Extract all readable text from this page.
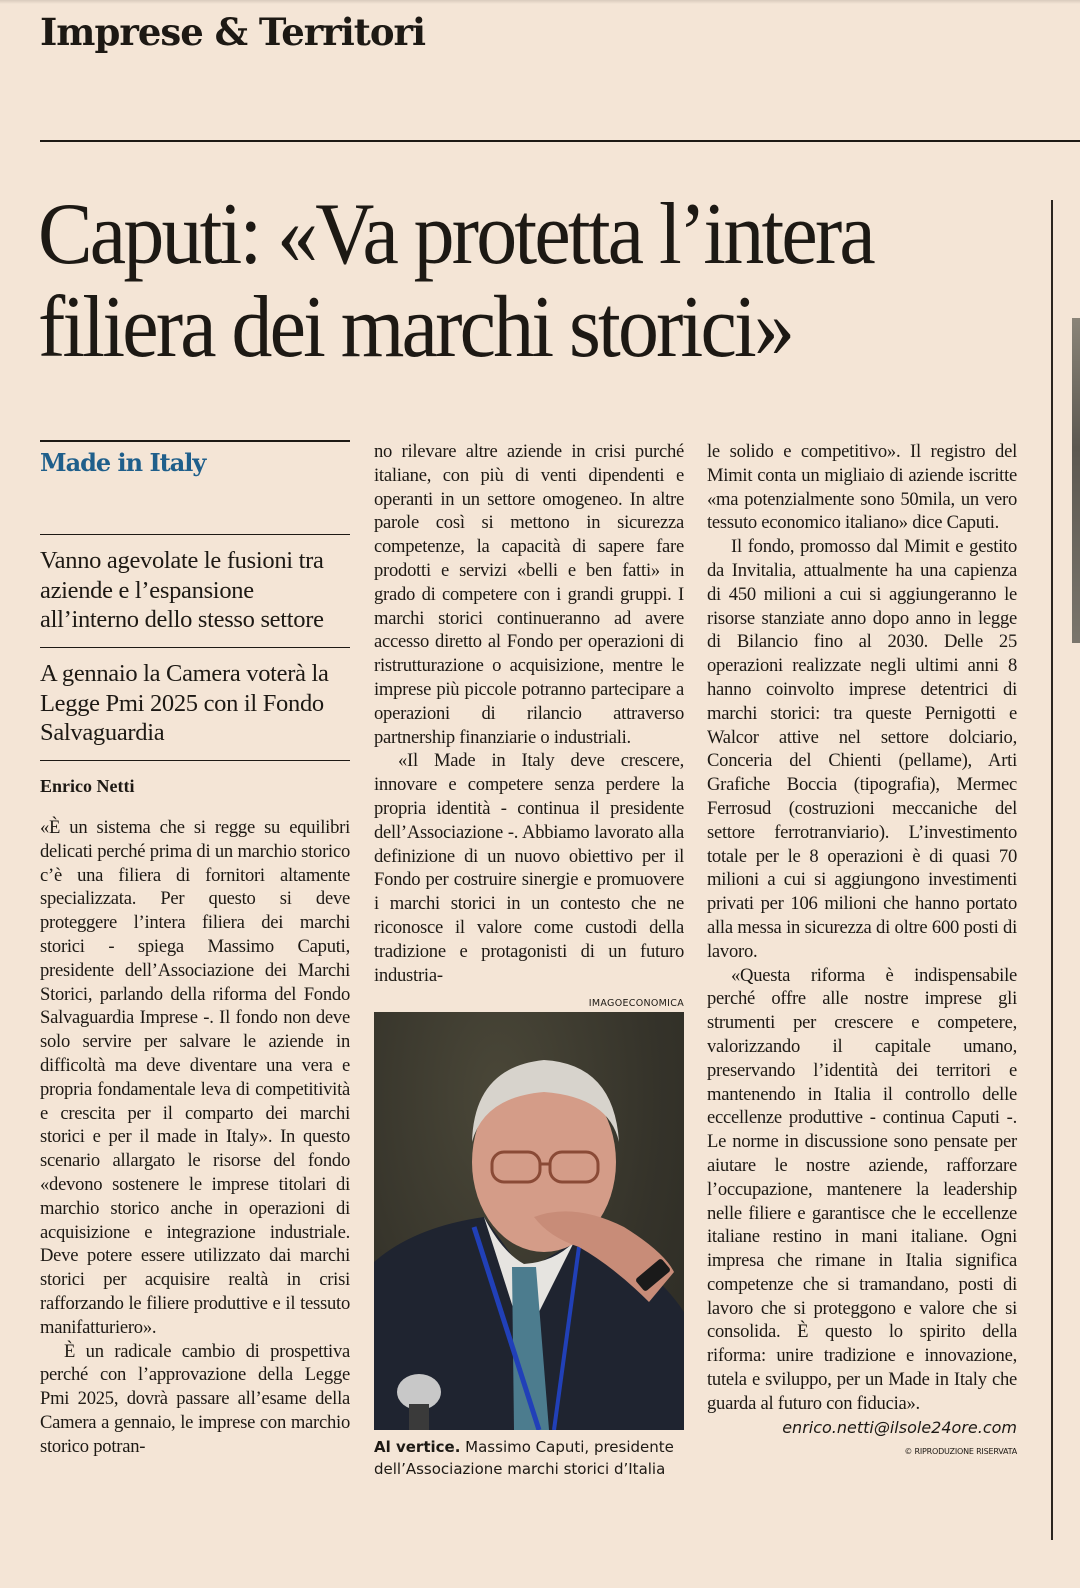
Imprese & Territori
Caputi: «Va protetta l’intera filiera dei marchi storici»
Made in Italy
Vanno agevolate le fusioni tra aziende e l’espansione all’interno dello stesso settore
A gennaio la Camera voterà la Legge Pmi 2025 con il Fondo Salvaguardia
Enrico Netti

«È un sistema che si regge su equilibri delicati perché prima di un marchio storico c’è una filiera di fornitori altamente specializzata. Per questo si deve proteggere l’intera filiera dei marchi storici - spiega Massimo Caputi, presidente dell’Associazione dei Marchi Storici, parlando della riforma del Fondo Salvaguardia Imprese -. Il fondo non deve solo servire per salvare le aziende in difficoltà ma deve diventare una vera e propria fondamentale leva di competitività e crescita per il comparto dei marchi storici e per il made in Italy». In questo scenario allargato le risorse del fondo «devono sostenere le imprese titolari di marchio storico anche in operazioni di acquisizione e integrazione industriale. Deve potere essere utilizzato dai marchi storici per acquisire realtà in crisi rafforzando le filiere produttive e il tessuto manifatturiero».

È un radicale cambio di prospettiva perché con l’approvazione della Legge Pmi 2025, dovrà passare all’esame della Camera a gennaio, le imprese con marchio storico potran-

no rilevare altre aziende in crisi purché italiane, con più di venti dipendenti e operanti in un settore omogeneo. In altre parole così si mettono in sicurezza competenze, la capacità di sapere fare prodotti e servizi «belli e ben fatti» in grado di competere con i grandi gruppi. I marchi storici continueranno ad avere accesso diretto al Fondo per operazioni di ristrutturazione o acquisizione, mentre le imprese più piccole potranno partecipare a operazioni di rilancio attraverso partnership finanziarie o industriali.

«Il Made in Italy deve crescere, innovare e competere senza perdere la propria identità - continua il presidente dell’Associazione -. Abbiamo lavorato alla definizione di un nuovo obiettivo per il Fondo per costruire sinergie e promuovere i marchi storici in un contesto che ne riconosce il valore come custodi della tradizione e protagonisti di un futuro industria-

IMAGOECONOMICA
Al vertice. Massimo Caputi, presidente dell’Associazione marchi storici d’Italia

le solido e competitivo». Il registro del Mimit conta un migliaio di aziende iscritte «ma potenzialmente sono 50mila, un vero tessuto economico italiano» dice Caputi.

Il fondo, promosso dal Mimit e gestito da Invitalia, attualmente ha una capienza di 450 milioni a cui si aggiungeranno le risorse stanziate anno dopo anno in legge di Bilancio fino al 2030. Delle 25 operazioni realizzate negli ultimi anni 8 hanno coinvolto imprese detentrici di marchi storici: tra queste Pernigotti e Walcor attive nel settore dolciario, Conceria del Chienti (pellame), Arti Grafiche Boccia (tipografia), Mermec Ferrosud (costruzioni meccaniche del settore ferrotranviario). L’investimento totale per le 8 operazioni è di quasi 70 milioni a cui si aggiungono investimenti privati per 106 milioni che hanno portato alla messa in sicurezza di oltre 600 posti di lavoro.

«Questa riforma è indispensabile perché offre alle nostre imprese gli strumenti per crescere e competere, valorizzando il capitale umano, preservando l’identità dei territori e mantenendo in Italia il controllo delle eccellenze produttive - continua Caputi -. Le norme in discussione sono pensate per aiutare le nostre aziende, rafforzare l’occupazione, mantenere la leadership nelle filiere e garantisce che le eccellenze italiane restino in mani italiane. Ogni impresa che rimane in Italia significa competenze che si tramandano, posti di lavoro che si proteggono e valore che si consolida. È questo lo spirito della riforma: unire tradizione e innovazione, tutela e sviluppo, per un Made in Italy che guarda al futuro con fiducia».

enrico.netti@ilsole24ore.com
© RIPRODUZIONE RISERVATA
